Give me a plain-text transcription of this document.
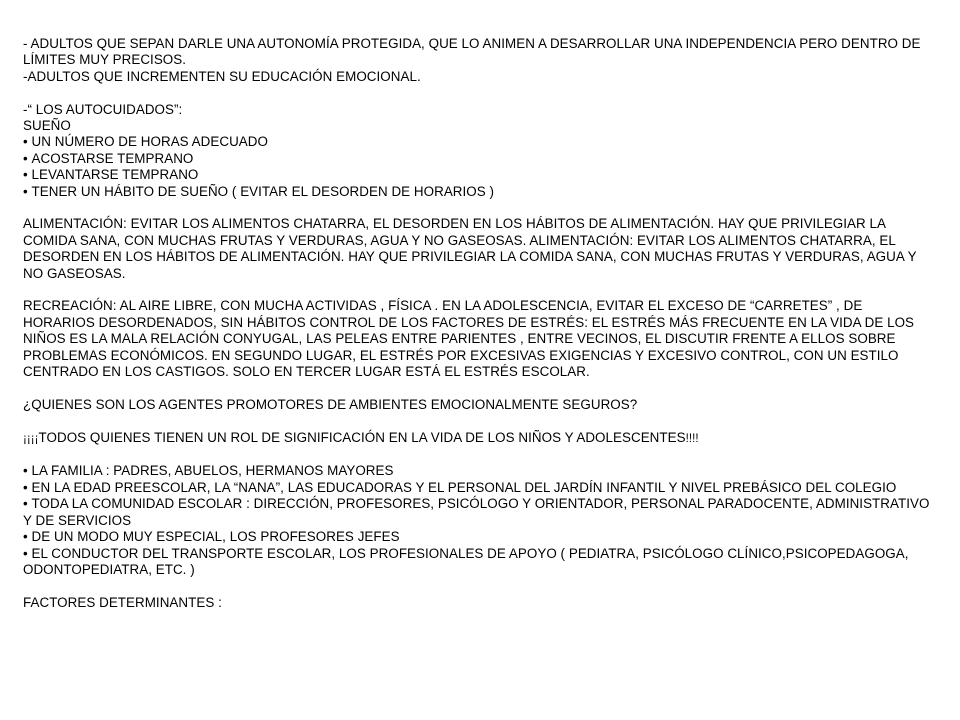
- ADULTOS QUE SEPAN DARLE UNA AUTONOMÍA PROTEGIDA, QUE LO ANIMEN A DESARROLLAR UNA INDEPENDENCIA PERO DENTRO DE LÍMITES MUY PRECISOS.

-ADULTOS QUE INCREMENTEN SU EDUCACIÓN EMOCIONAL.

-“ LOS AUTOCUIDADOS”:

SUEÑO

• UN NÚMERO DE HORAS ADECUADO

• ACOSTARSE TEMPRANO

• LEVANTARSE TEMPRANO

• TENER UN HÁBITO DE SUEÑO ( EVITAR EL DESORDEN DE HORARIOS )

ALIMENTACIÓN: EVITAR LOS ALIMENTOS CHATARRA, EL DESORDEN EN LOS HÁBITOS DE ALIMENTACIÓN. HAY QUE PRIVILEGIAR LA COMIDA SANA, CON MUCHAS FRUTAS Y VERDURAS, AGUA Y NO GASEOSAS. ALIMENTACIÓN: EVITAR LOS ALIMENTOS CHATARRA, EL DESORDEN EN LOS HÁBITOS DE ALIMENTACIÓN. HAY QUE PRIVILEGIAR LA COMIDA SANA, CON MUCHAS FRUTAS Y VERDURAS, AGUA Y NO GASEOSAS.

RECREACIÓN: AL AIRE LIBRE, CON MUCHA ACTIVIDAS , FÍSICA . EN LA ADOLESCENCIA, EVITAR EL EXCESO DE “CARRETES” , DE HORARIOS DESORDENADOS, SIN HÁBITOS CONTROL DE LOS FACTORES DE ESTRÉS: EL ESTRÉS MÁS FRECUENTE EN LA VIDA DE LOS NIÑOS ES LA MALA RELACIÓN CONYUGAL, LAS PELEAS ENTRE PARIENTES , ENTRE VECINOS, EL DISCUTIR FRENTE A ELLOS SOBRE PROBLEMAS ECONÓMICOS. EN SEGUNDO LUGAR, EL ESTRÉS POR EXCESIVAS EXIGENCIAS Y EXCESIVO CONTROL, CON UN ESTILO

CENTRADO EN LOS CASTIGOS. SOLO EN TERCER LUGAR ESTÁ EL ESTRÉS ESCOLAR.

¿QUIENES SON LOS AGENTES PROMOTORES DE AMBIENTES EMOCIONALMENTE SEGUROS?

¡¡¡¡TODOS QUIENES TIENEN UN ROL DE SIGNIFICACIÓN EN LA VIDA DE LOS NIÑOS Y ADOLESCENTES!!!!

• LA FAMILIA : PADRES, ABUELOS, HERMANOS MAYORES

• EN LA EDAD PREESCOLAR, LA “NANA”, LAS EDUCADORAS Y EL PERSONAL DEL JARDÍN INFANTIL Y NIVEL PREBÁSICO DEL COLEGIO

• TODA LA COMUNIDAD ESCOLAR : DIRECCIÓN, PROFESORES, PSICÓLOGO Y ORIENTADOR, PERSONAL PARADOCENTE, ADMINISTRATIVO Y DE SERVICIOS

• DE UN MODO MUY ESPECIAL, LOS PROFESORES JEFES

• EL CONDUCTOR DEL TRANSPORTE ESCOLAR, LOS PROFESIONALES DE APOYO ( PEDIATRA, PSICÓLOGO CLÍNICO,PSICOPEDAGOGA, ODONTOPEDIATRA, ETC. )

FACTORES DETERMINANTES :
